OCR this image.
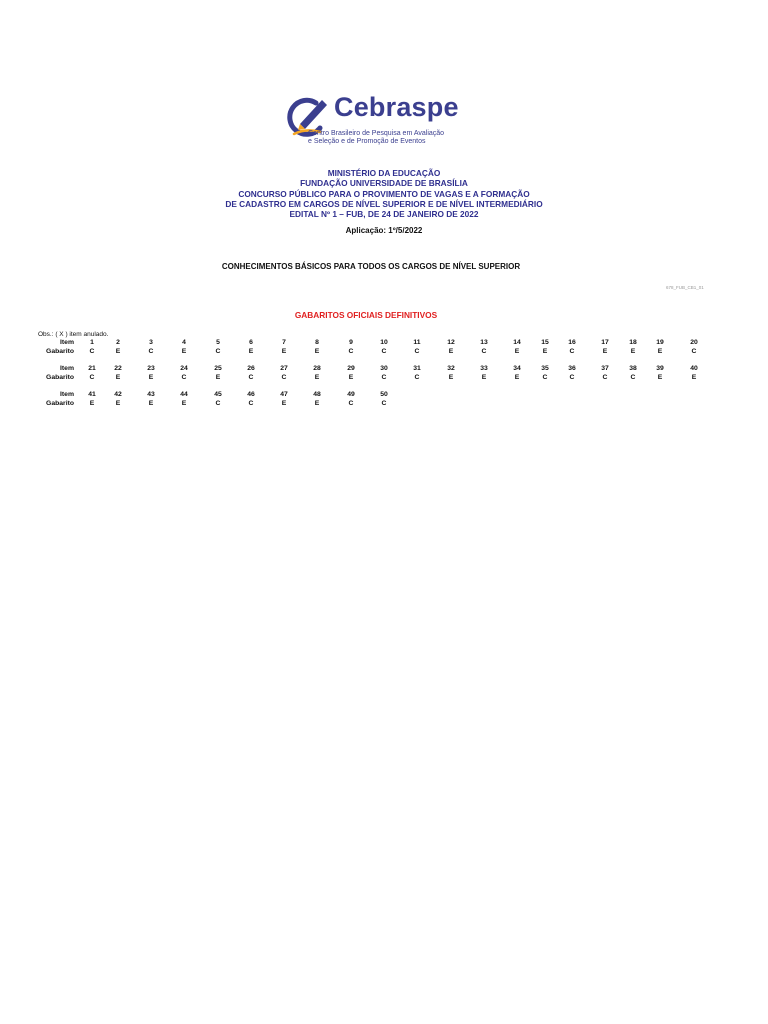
Cebraspe
Centro Brasileiro de Pesquisa em Avaliação
e Seleção e de Promoção de Eventos
MINISTÉRIO DA EDUCAÇÃO
FUNDAÇÃO UNIVERSIDADE DE BRASÍLIA
CONCURSO PÚBLICO PARA O PROVIMENTO DE VAGAS E A FORMAÇÃO
DE CADASTRO EM CARGOS DE NÍVEL SUPERIOR E DE NÍVEL INTERMEDIÁRIO
EDITAL Nº 1 – FUB, DE 24 DE JANEIRO DE 2022
Aplicação: 1º/5/2022
CONHECIMENTOS BÁSICOS PARA TODOS OS CARGOS DE NÍVEL SUPERIOR
678_FUB_CB1_01
GABARITOS OFICIAIS DEFINITIVOS
Obs.: ( X ) item anulado.
Item
Gabarito
1
C
2
E
3
C
4
E
5
C
6
E
7
E
8
E
9
C
10
C
11
C
12
E
13
C
14
E
15
E
16
C
17
E
18
E
19
E
20
C
Item
Gabarito
21
C
22
E
23
E
24
C
25
E
26
C
27
C
28
E
29
E
30
C
31
C
32
E
33
E
34
E
35
C
36
C
37
C
38
C
39
E
40
E
Item
Gabarito
41
E
42
E
43
E
44
E
45
C
46
C
47
E
48
E
49
C
50
C
